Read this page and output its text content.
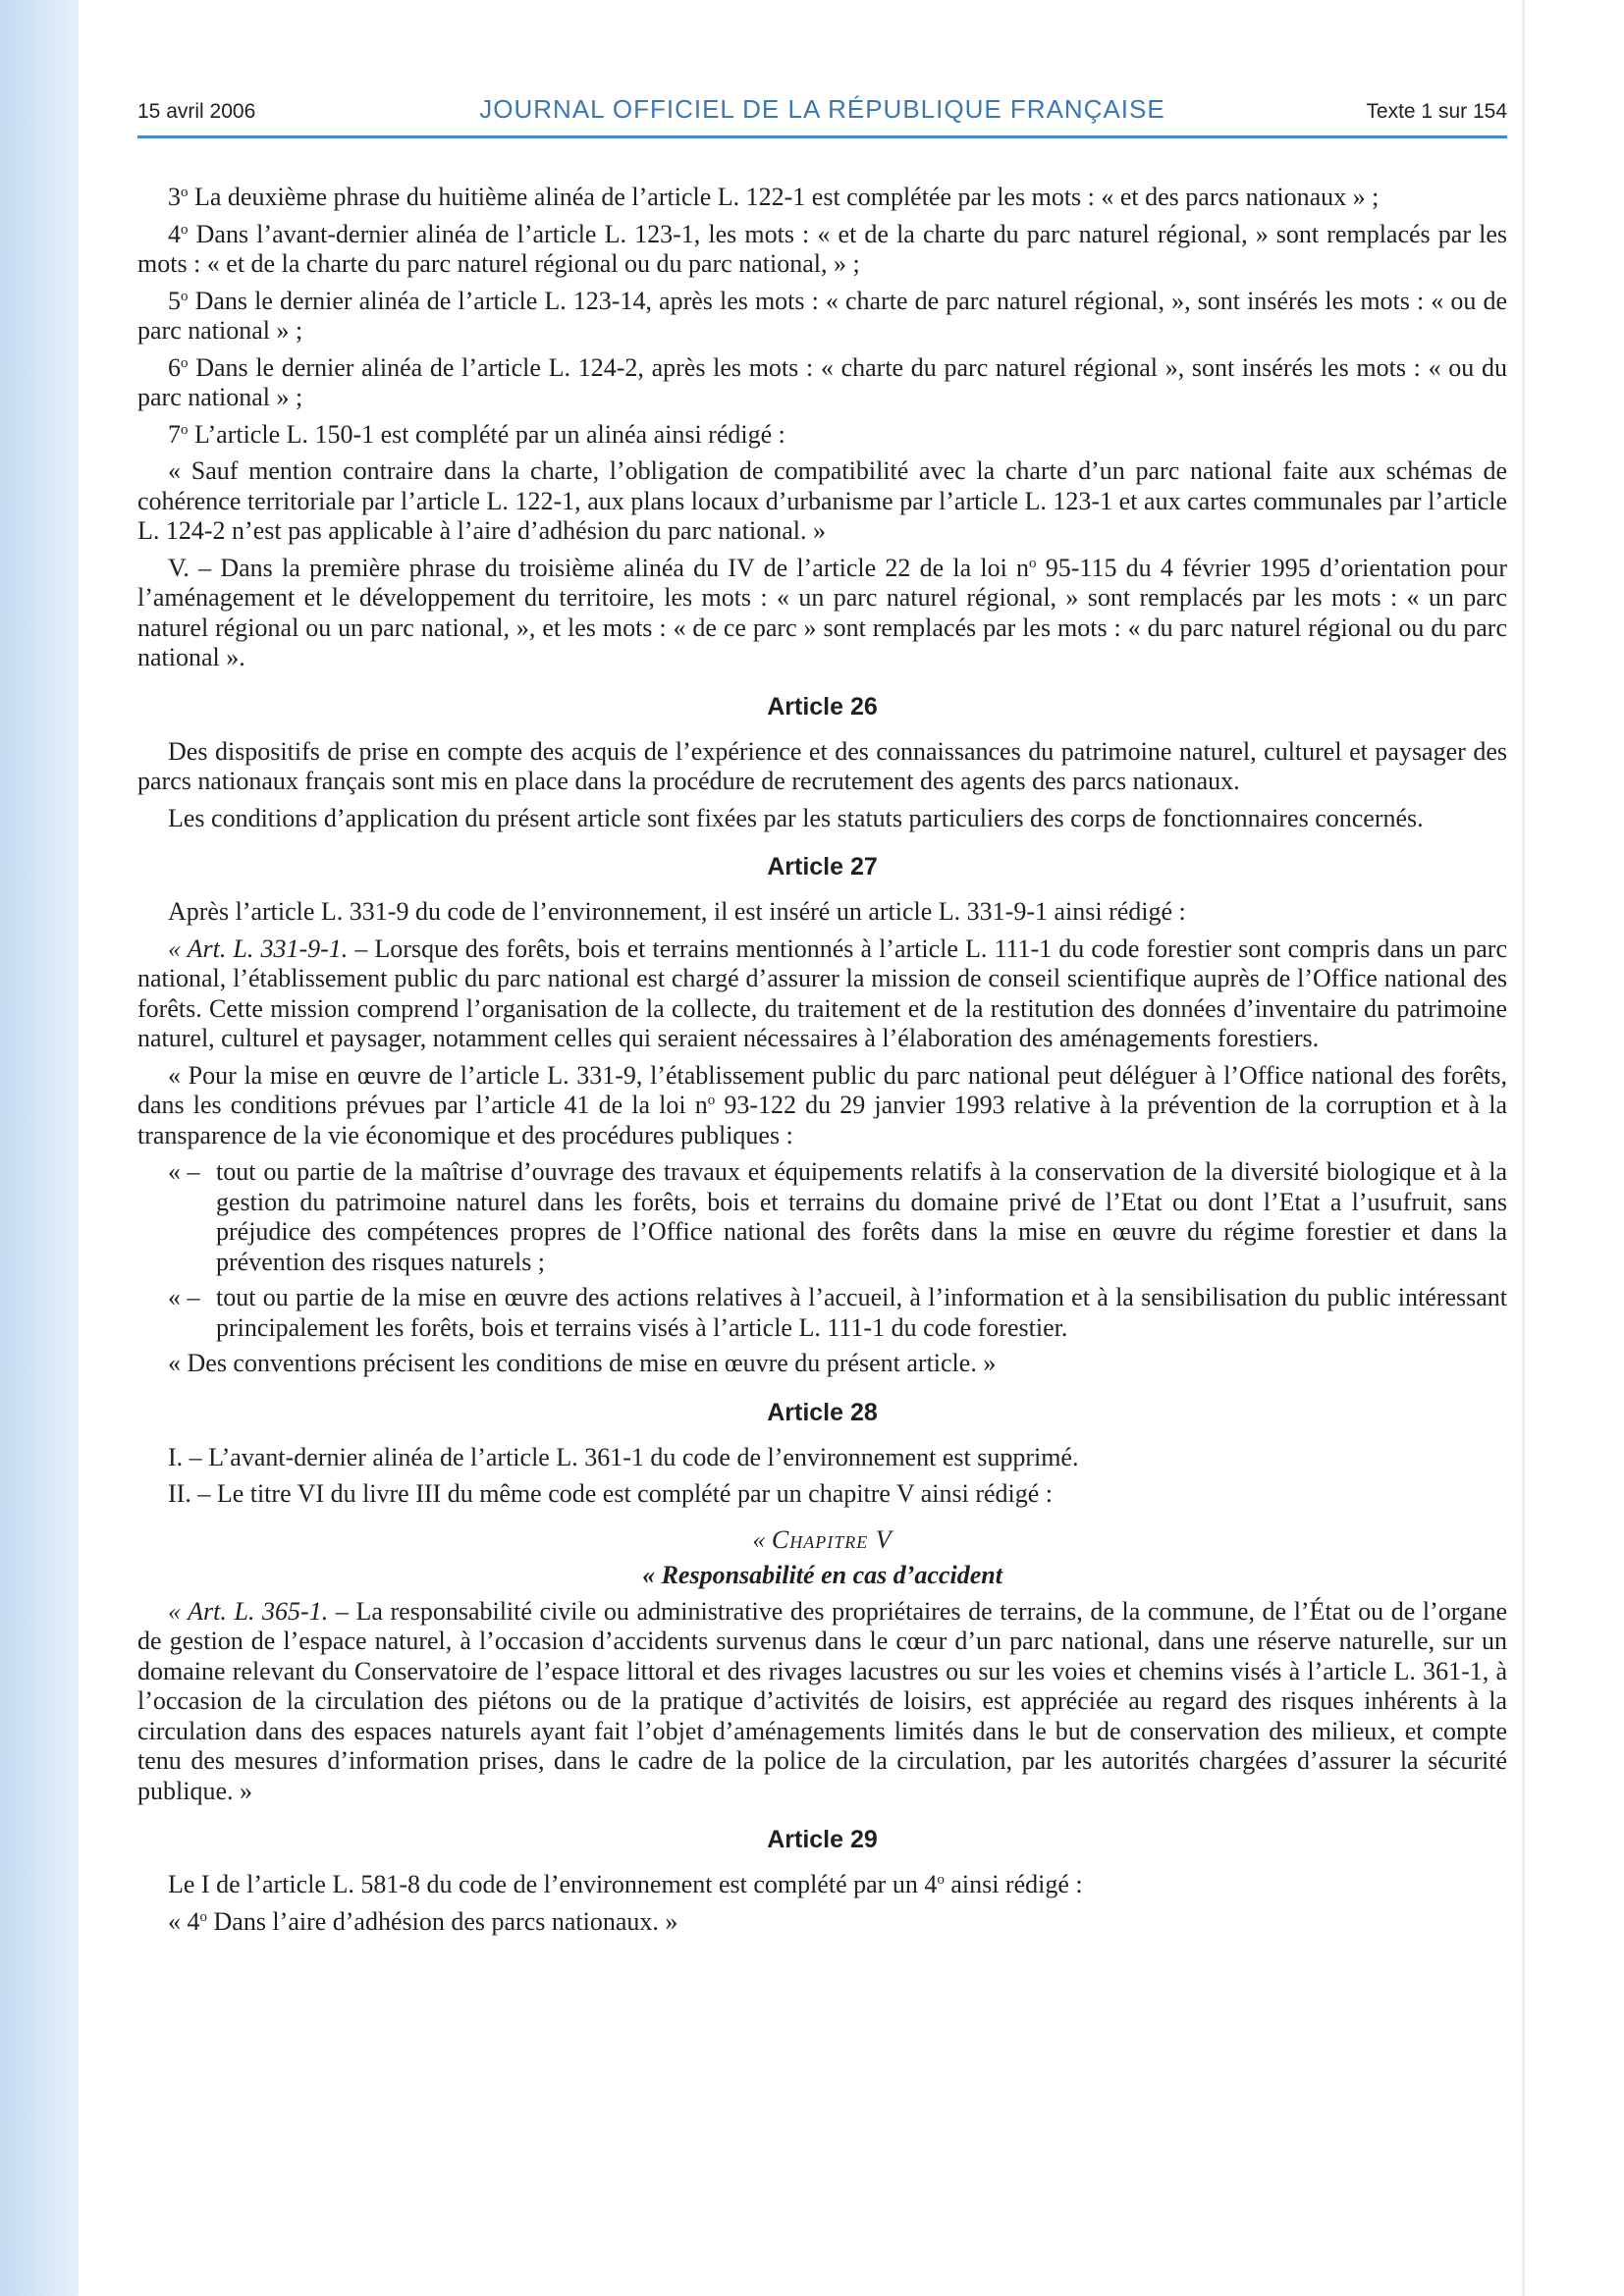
15 avril 2006	JOURNAL OFFICIEL DE LA RÉPUBLIQUE FRANÇAISE	Texte 1 sur 154

3$^o$ La deuxième phrase du huitième alinéa de l’article L. 122-1 est complétée par les mots : « et des parcs nationaux » ;

4$^o$ Dans l’avant-dernier alinéa de l’article L. 123-1, les mots : « et de la charte du parc naturel régional, » sont remplacés par les mots : « et de la charte du parc naturel régional ou du parc national, » ;

5$^o$ Dans le dernier alinéa de l’article L. 123-14, après les mots : « charte de parc naturel régional, », sont insérés les mots : « ou de parc national » ;

6$^o$ Dans le dernier alinéa de l’article L. 124-2, après les mots : « charte du parc naturel régional », sont insérés les mots : « ou du parc national » ;

7$^o$ L’article L. 150-1 est complété par un alinéa ainsi rédigé :

« Sauf mention contraire dans la charte, l’obligation de compatibilité avec la charte d’un parc national faite aux schémas de cohérence territoriale par l’article L. 122-1, aux plans locaux d’urbanisme par l’article L. 123-1 et aux cartes communales par l’article L. 124-2 n’est pas applicable à l’aire d’adhésion du parc national. »

V. – Dans la première phrase du troisième alinéa du IV de l’article 22 de la loi $n^o$ 95-115 du 4 février 1995 d’orientation pour l’aménagement et le développement du territoire, les mots : « un parc naturel régional, » sont remplacés par les mots : « un parc naturel régional ou un parc national, », et les mots : « de ce parc » sont remplacés par les mots : « du parc naturel régional ou du parc national ».

Article 26

Des dispositifs de prise en compte des acquis de l’expérience et des connaissances du patrimoine naturel, culturel et paysager des parcs nationaux français sont mis en place dans la procédure de recrutement des agents des parcs nationaux.

Les conditions d’application du présent article sont fixées par les statuts particuliers des corps de fonctionnaires concernés.

Article 27

Après l’article L. 331-9 du code de l’environnement, il est inséré un article L. 331-9-1 ainsi rédigé :

« Art. L. 331-9-1. – Lorsque des forêts, bois et terrains mentionnés à l’article L. 111-1 du code forestier sont compris dans un parc national, l’établissement public du parc national est chargé d’assurer la mission de conseil scientifique auprès de l’Office national des forêts. Cette mission comprend l’organisation de la collecte, du traitement et de la restitution des données d’inventaire du patrimoine naturel, culturel et paysager, notamment celles qui seraient nécessaires à l’élaboration des aménagements forestiers.

« Pour la mise en œuvre de l’article L. 331-9, l’établissement public du parc national peut déléguer à l’Office national des forêts, dans les conditions prévues par l’article 41 de la loi $n^o$ 93-122 du 29 janvier 1993 relative à la prévention de la corruption et à la transparence de la vie économique et des procédures publiques :

« – tout ou partie de la maîtrise d’ouvrage des travaux et équipements relatifs à la conservation de la diversité biologique et à la gestion du patrimoine naturel dans les forêts, bois et terrains du domaine privé de l’Etat ou dont l’Etat a l’usufruit, sans préjudice des compétences propres de l’Office national des forêts dans la mise en œuvre du régime forestier et dans la prévention des risques naturels ;

« – tout ou partie de la mise en œuvre des actions relatives à l’accueil, à l’information et à la sensibilisation du public intéressant principalement les forêts, bois et terrains visés à l’article L. 111-1 du code forestier.

« Des conventions précisent les conditions de mise en œuvre du présent article. »

Article 28

I. – L’avant-dernier alinéa de l’article L. 361-1 du code de l’environnement est supprimé.

II. – Le titre VI du livre III du même code est complété par un chapitre V ainsi rédigé :

« Chapitre V

« Responsabilité en cas d’accident

« Art. L. 365-1. – La responsabilité civile ou administrative des propriétaires de terrains, de la commune, de l’État ou de l’organe de gestion de l’espace naturel, à l’occasion d’accidents survenus dans le cœur d’un parc national, dans une réserve naturelle, sur un domaine relevant du Conservatoire de l’espace littoral et des rivages lacustres ou sur les voies et chemins visés à l’article L. 361-1, à l’occasion de la circulation des piétons ou de la pratique d’activités de loisirs, est appréciée au regard des risques inhérents à la circulation dans des espaces naturels ayant fait l’objet d’aménagements limités dans le but de conservation des milieux, et compte tenu des mesures d’information prises, dans le cadre de la police de la circulation, par les autorités chargées d’assurer la sécurité publique. »

Article 29

Le I de l’article L. 581-8 du code de l’environnement est complété par un 4$^o$ ainsi rédigé :

« 4$^o$ Dans l’aire d’adhésion des parcs nationaux. »
